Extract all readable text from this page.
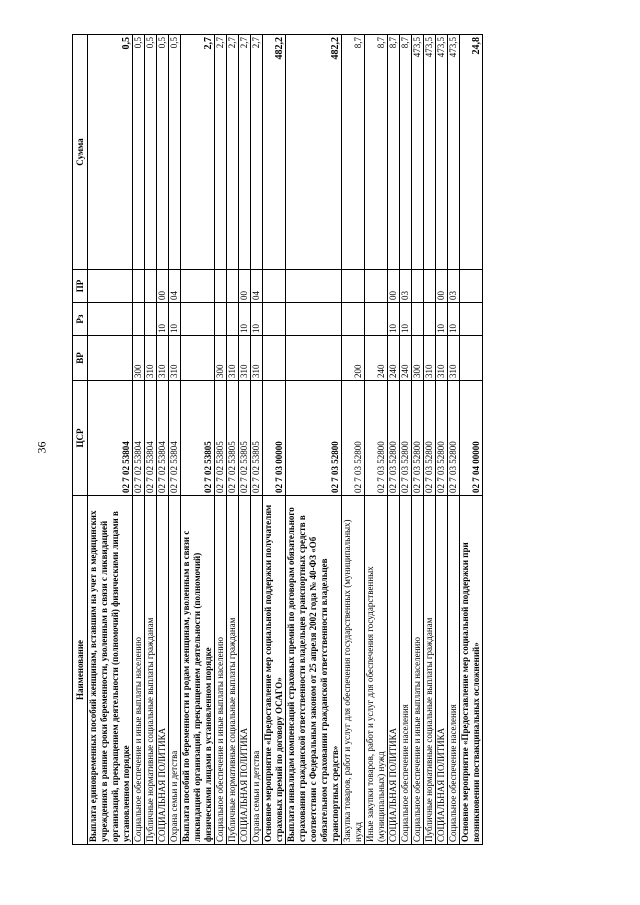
36
Наименование	ЦСР	ВР	Рз	ПР	Сумма
Выплата единовременных пособий женщинам, вставшим на учет в медицинских учреждениях в ранние сроки беременности, уволенным в связи с ликвидацией организаций, прекращением деятельности (полномочий) физическими лицами в установленном порядке	02 7 02 53804				0,5
Социальное обеспечение и иные выплаты населению	02 7 02 53804	300			0,5
Публичные нормативные социальные выплаты гражданам	02 7 02 53804	310			0,5
СОЦИАЛЬНАЯ ПОЛИТИКА	02 7 02 53804	310	10	00	0,5
Охрана семьи и детства	02 7 02 53804	310	10	04	0,5
Выплата пособий по беременности и родам женщинам, уволенным в связи с ликвидацией организаций, прекращением деятельности (полномочий) физическими лицами в установленном порядке	02 7 02 53805				2,7
Социальное обеспечение и иные выплаты населению	02 7 02 53805	300			2,7
Публичные нормативные социальные выплаты гражданам	02 7 02 53805	310			2,7
СОЦИАЛЬНАЯ ПОЛИТИКА	02 7 02 53805	310	10	00	2,7
Охрана семьи и детства	02 7 02 53805	310	10	04	2,7
Основное мероприятие «Предоставление мер социальной поддержки получателям страховых премий по договору ОСАГО»	02 7 03 00000				482,2
Выплата инвалидам компенсаций страховых премий по договорам обязательного страхования гражданской ответственности владельцев транспортных средств в соответствии с Федеральным законом от 25 апреля 2002 года № 40-ФЗ «Об обязательном страховании гражданской ответственности владельцев транспортных средств»	02 7 03 52800				482,2
Закупка товаров, работ и услуг для обеспечения государственных (муниципальных) нужд	02 7 03 52800	200			8,7
Иные закупки товаров, работ и услуг для обеспечения государственных (муниципальных) нужд	02 7 03 52800	240			8,7
СОЦИАЛЬНАЯ ПОЛИТИКА	02 7 03 52800	240	10	00	8,7
Социальное обеспечение населения	02 7 03 52800	240	10	03	8,7
Социальное обеспечение и иные выплаты населению	02 7 03 52800	300			473,5
Публичные нормативные социальные выплаты гражданам	02 7 03 52800	310			473,5
СОЦИАЛЬНАЯ ПОЛИТИКА	02 7 03 52800	310	10	00	473,5
Социальное обеспечение населения	02 7 03 52800	310	10	03	473,5
Основное мероприятие «Предоставление мер социальной поддержки при возникновении поствакцинальных осложнений»	02 7 04 00000				24,8
